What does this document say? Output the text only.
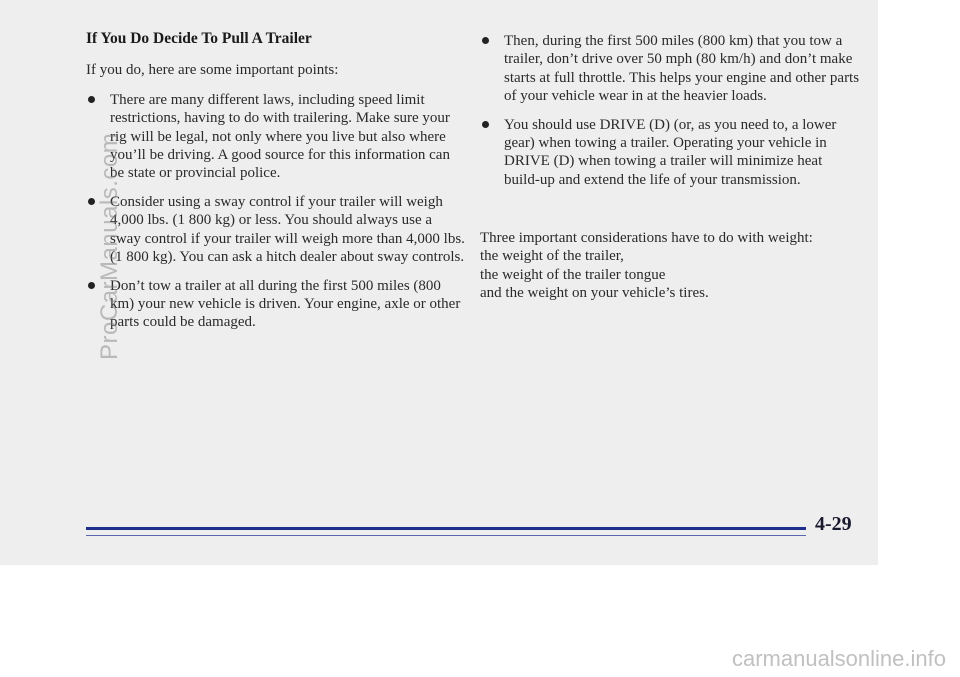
If You Do Decide To Pull A Trailer
If you do, here are some important points:
There are many different laws, including speed limit restrictions, having to do with trailering. Make sure your rig will be legal, not only where you live but also where you’ll be driving. A good source for this information can be state or provincial police.
Consider using a sway control if your trailer will weigh 4,000 lbs. (1 800 kg) or less. You should always use a sway control if your trailer will weigh more than 4,000 lbs. (1 800 kg). You can ask a hitch dealer about sway controls.
Don’t tow a trailer at all during the first 500 miles (800 km) your new vehicle is driven. Your engine, axle or other parts could be damaged.
Then, during the first 500 miles (800 km) that you tow a trailer, don’t drive over 50 mph (80 km/h) and don’t make starts at full throttle. This helps your engine and other parts of your vehicle wear in at the heavier loads.
You should use DRIVE (D) (or, as you need to, a lower gear) when towing a trailer. Operating your vehicle in DRIVE (D) when towing a trailer will minimize heat build-up and extend the life of your transmission.

Three important considerations have to do with weight:
the weight of the trailer,
the weight of the trailer tongue
and the weight on your vehicle’s tires.

4-29
ProCarManuals.com
carmanualsonline.info
